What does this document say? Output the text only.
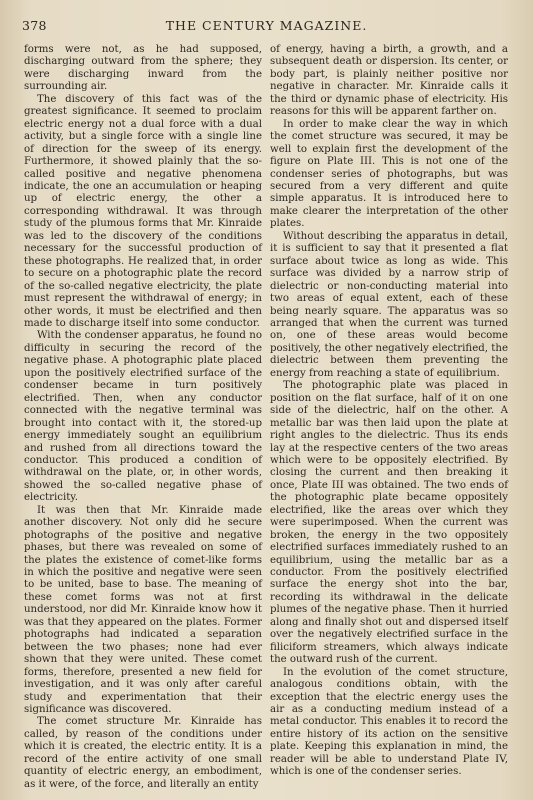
378	THE CENTURY MAGAZINE.

forms were not, as he had supposed, discharging outward from the sphere; they were discharging inward from the surrounding air.

The discovery of this fact was of the greatest significance. It seemed to proclaim electric energy not a dual force with a dual activity, but a single force with a single line of direction for the sweep of its energy. Furthermore, it showed plainly that the so-called positive and negative phenomena indicate, the one an accumulation or heaping up of electric energy, the other a corresponding withdrawal. It was through study of the plumous forms that Mr. Kinraide was led to the discovery of the conditions necessary for the successful production of these photographs. He realized that, in order to secure on a photographic plate the record of the so-called negative electricity, the plate must represent the withdrawal of energy; in other words, it must be electrified and then made to discharge itself into some conductor.

With the condenser apparatus, he found no difficulty in securing the record of the negative phase. A photographic plate placed upon the positively electrified surface of the condenser became in turn positively electrified. Then, when any conductor connected with the negative terminal was brought into contact with it, the stored-up energy immediately sought an equilibrium and rushed from all directions toward the conductor. This produced a condition of withdrawal on the plate, or, in other words, showed the so-called negative phase of electricity.

It was then that Mr. Kinraide made another discovery. Not only did he secure photographs of the positive and negative phases, but there was revealed on some of the plates the existence of comet-like forms in which the positive and negative were seen to be united, base to base. The meaning of these comet forms was not at first understood, nor did Mr. Kinraide know how it was that they appeared on the plates. Former photographs had indicated a separation between the two phases; none had ever shown that they were united. These comet forms, therefore, presented a new field for investigation, and it was only after careful study and experimentation that their significance was discovered.

The comet structure Mr. Kinraide has called, by reason of the conditions under which it is created, the electric entity. It is a record of the entire activity of one small quantity of electric energy, an embodiment, as it were, of the force, and literally an entity

of energy, having a birth, a growth, and a subsequent death or dispersion. Its center, or body part, is plainly neither positive nor negative in character. Mr. Kinraide calls it the third or dynamic phase of electricity. His reasons for this will be apparent farther on.

In order to make clear the way in which the comet structure was secured, it may be well to explain first the development of the figure on Plate III. This is not one of the condenser series of photographs, but was secured from a very different and quite simple apparatus. It is introduced here to make clearer the interpretation of the other plates.

Without describing the apparatus in detail, it is sufficient to say that it presented a flat surface about twice as long as wide. This surface was divided by a narrow strip of dielectric or non-conducting material into two areas of equal extent, each of these being nearly square. The apparatus was so arranged that when the current was turned on, one of these areas would become positively, the other negatively electrified, the dielectric between them preventing the energy from reaching a state of equilibrium.

The photographic plate was placed in position on the flat surface, half of it on one side of the dielectric, half on the other. A metallic bar was then laid upon the plate at right angles to the dielectric. Thus its ends lay at the respective centers of the two areas which were to be oppositely electrified. By closing the current and then breaking it once, Plate III was obtained. The two ends of the photographic plate became oppositely electrified, like the areas over which they were superimposed. When the current was broken, the energy in the two oppositely electrified surfaces immediately rushed to an equilibrium, using the metallic bar as a conductor. From the positively electrified surface the energy shot into the bar, recording its withdrawal in the delicate plumes of the negative phase. Then it hurried along and finally shot out and dispersed itself over the negatively electrified surface in the filiciform streamers, which always indicate the outward rush of the current.

In the evolution of the comet structure, analogous conditions obtain, with the exception that the electric energy uses the air as a conducting medium instead of a metal conductor. This enables it to record the entire history of its action on the sensitive plate. Keeping this explanation in mind, the reader will be able to understand Plate IV, which is one of the condenser series.
